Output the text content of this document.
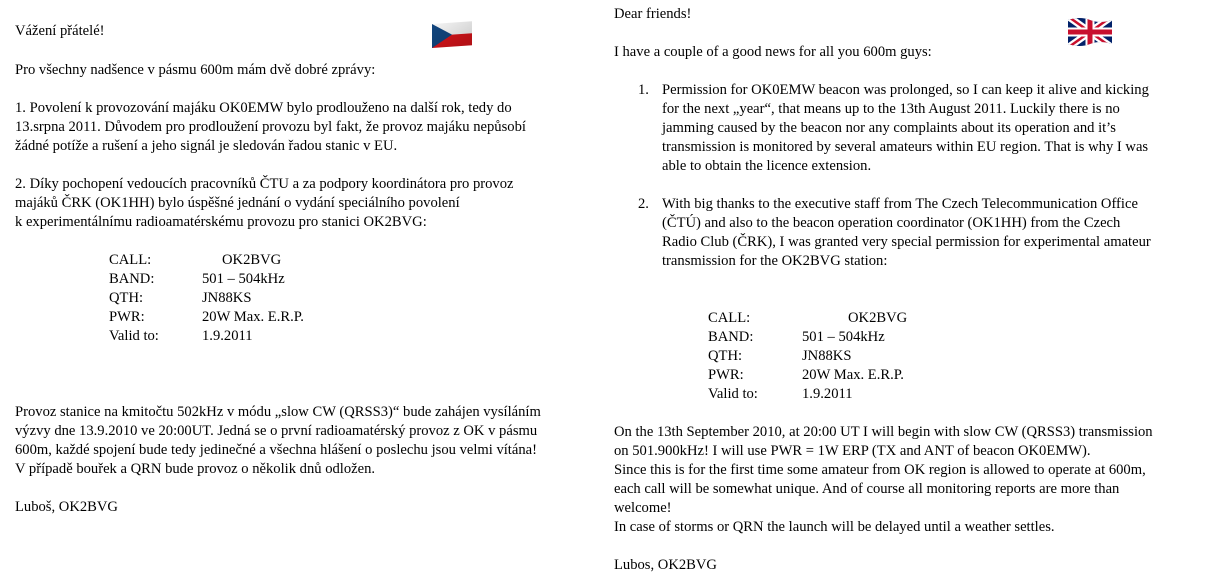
Vážení přátelé!
Pro všechny nadšence v pásmu 600m mám dvě dobré zprávy:
1. Povolení k provozování majáku OK0EMW bylo prodlouženo na další rok, tedy do
13.srpna 2011. Důvodem pro prodloužení provozu byl fakt, že provoz majáku nepůsobí
žádné potíže a rušení a jeho signál je sledován řadou stanic v EU.
2. Díky pochopení vedoucích pracovníků ČTU a za podpory koordinátora pro provoz
majáků ČRK (OK1HH) bylo úspěšné jednání o vydání speciálního povolení
k experimentálnímu radioamatérskému provozu pro stanici OK2BVG:
CALL:	OK2BVG
BAND:	501 – 504kHz
QTH:	JN88KS
PWR:	20W Max. E.R.P.
Valid to:	1.9.2011
Provoz stanice na kmitočtu 502kHz v módu „slow CW (QRSS3)“ bude zahájen vysíláním
výzvy dne 13.9.2010 ve 20:00UT. Jedná se o první radioamatérský provoz z OK v pásmu
600m, každé spojení bude tedy jedinečné a všechna hlášení o poslechu jsou velmi vítána!
V případě bouřek a QRN bude provoz o několik dnů odložen.
Luboš, OK2BVG
Dear friends!
I have a couple of a good news for all you 600m guys:
1. Permission for OK0EMW beacon was prolonged, so I can keep it alive and kicking
for the next „year“, that means up to the 13th August 2011. Luckily there is no
jamming caused by the beacon nor any complaints about its operation and it’s
transmission is monitored by several amateurs within EU region. That is why I was
able to obtain the licence extension.
2. With big thanks to the executive staff from The Czech Telecommunication Office
(ČTÚ) and also to the beacon operation coordinator (OK1HH) from the Czech
Radio Club (ČRK), I was granted very special permission for experimental amateur
transmission for the OK2BVG station:
CALL:	OK2BVG
BAND:	501 – 504kHz
QTH:	JN88KS
PWR:	20W Max. E.R.P.
Valid to:	1.9.2011
On the 13th September 2010, at 20:00 UT I will begin with slow CW (QRSS3) transmission
on 501.900kHz! I will use PWR = 1W ERP (TX and ANT of beacon OK0EMW).
Since this is for the first time some amateur from OK region is allowed to operate at 600m,
each call will be somewhat unique. And of course all monitoring reports are more than
welcome!
In case of storms or QRN the launch will be delayed until a weather settles.
Lubos, OK2BVG
